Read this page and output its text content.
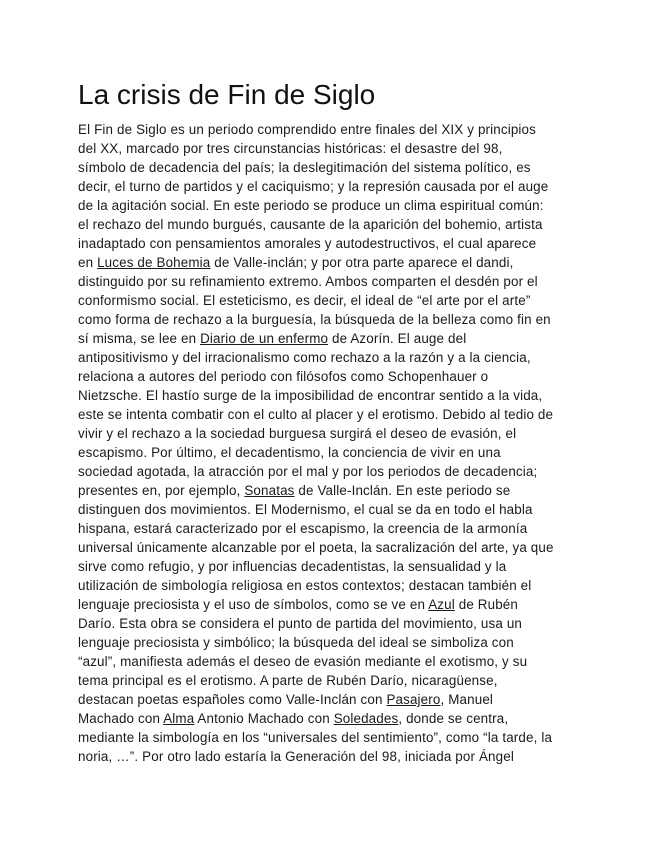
La crisis de Fin de Siglo
El Fin de Siglo es un periodo comprendido entre finales del XIX y principios
del XX, marcado por tres circunstancias históricas: el desastre del 98,
símbolo de decadencia del país; la deslegitimación del sistema político, es
decir, el turno de partidos y el caciquismo; y la represión causada por el auge
de la agitación social. En este periodo se produce un clima espiritual común:
el rechazo del mundo burgués, causante de la aparición del bohemio, artista
inadaptado con pensamientos amorales y autodestructivos, el cual aparece
en Luces de Bohemia de Valle-inclán; y por otra parte aparece el dandi,
distinguido por su refinamiento extremo. Ambos comparten el desdén por el
conformismo social. El esteticismo, es decir, el ideal de “el arte por el arte”
como forma de rechazo a la burguesía, la búsqueda de la belleza como fin en
sí misma, se lee en Diario de un enfermo de Azorín. El auge del
antipositivismo y del irracionalismo como rechazo a la razón y a la ciencia,
relaciona a autores del periodo con filósofos como Schopenhauer o
Nietzsche. El hastío surge de la imposibilidad de encontrar sentido a la vida,
este se intenta combatir con el culto al placer y el erotismo. Debido al tedio de
vivir y el rechazo a la sociedad burguesa surgirá el deseo de evasión, el
escapismo. Por último, el decadentismo, la conciencia de vivir en una
sociedad agotada, la atracción por el mal y por los periodos de decadencia;
presentes en, por ejemplo, Sonatas de Valle-Inclán. En este periodo se
distinguen dos movimientos. El Modernismo, el cual se da en todo el habla
hispana, estará caracterizado por el escapismo, la creencia de la armonía
universal únicamente alcanzable por el poeta, la sacralización del arte, ya que
sirve como refugio, y por influencias decadentistas, la sensualidad y la
utilización de simbología religiosa en estos contextos; destacan también el
lenguaje preciosista y el uso de símbolos, como se ve en Azul de Rubén
Darío. Esta obra se considera el punto de partida del movimiento, usa un
lenguaje preciosista y simbólico; la búsqueda del ideal se simboliza con
“azul”, manifiesta además el deseo de evasión mediante el exotismo, y su
tema principal es el erotismo. A parte de Rubén Darío, nicaragüense,
destacan poetas españoles como Valle-Inclán con Pasajero, Manuel
Machado con Alma Antonio Machado con Soledades, donde se centra,
mediante la simbología en los “universales del sentimiento”, como “la tarde, la
noria, …”. Por otro lado estaría la Generación del 98, iniciada por Ángel
